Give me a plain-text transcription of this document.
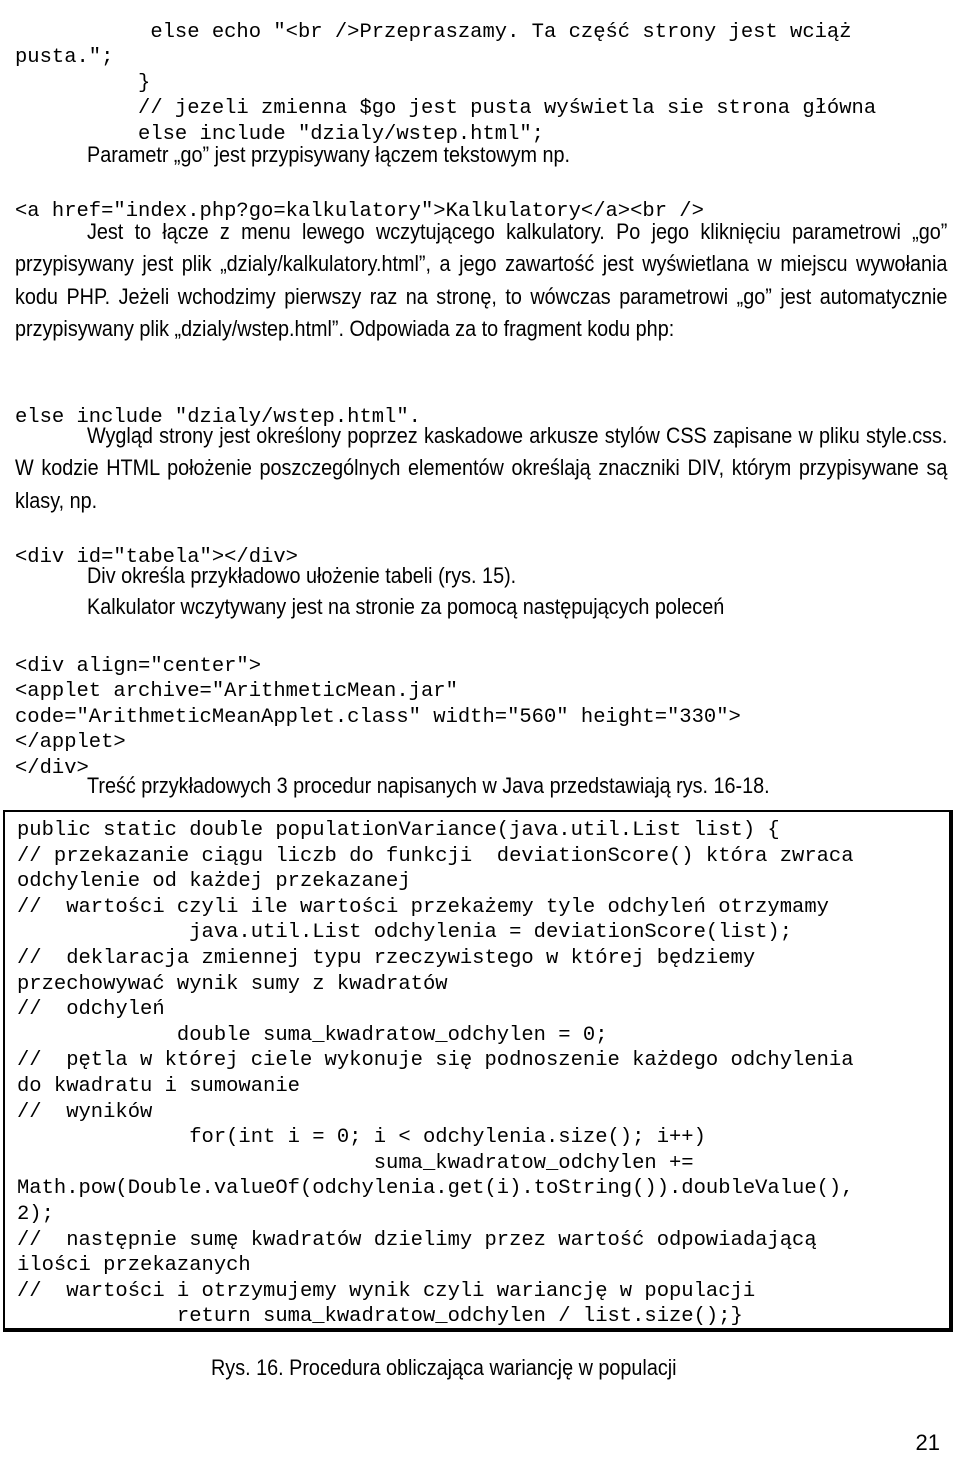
else echo "<br />Przepraszamy. Ta część strony jest wciąż
pusta.";
}
// jezeli zmienna $go jest pusta wyświetla sie strona główna
else include "dzialy/wstep.html";
Parametr „go” jest przypisywany łączem tekstowym np.
<a href="index.php?go=kalkulatory">Kalkulatory</a><br />
Jest to łącze z menu lewego wczytującego kalkulatory. Po jego kliknięciu parametrowi „go” przypisywany jest plik „dzialy/kalkulatory.html”, a jego zawartość jest wyświetlana w miejscu wywołania kodu PHP. Jeżeli wchodzimy pierwszy raz na stronę, to wówczas parametrowi „go” jest automatycznie przypisywany plik „dzialy/wstep.html”. Odpowiada za to fragment kodu php:
else include "dzialy/wstep.html".
Wygląd strony jest określony poprzez kaskadowe arkusze stylów CSS zapisane w pliku style.css. W kodzie HTML położenie poszczególnych elementów określają znaczniki DIV, którym przypisywane są klasy, np.
<div id="tabela"></div>
Div określa przykładowo ułożenie tabeli (rys. 15).
Kalkulator wczytywany jest na stronie za pomocą następujących poleceń
<div align="center">
<applet archive="ArithmeticMean.jar"
code="ArithmeticMeanApplet.class" width="560" height="330">
</applet>
</div>
Treść przykładowych 3 procedur napisanych w Java przedstawiają rys. 16-18.
public static double populationVariance(java.util.List list) {
// przekazanie ciągu liczb do funkcji  deviationScore() która zwraca
odchylenie od każdej przekazanej
//  wartości czyli ile wartości przekażemy tyle odchyleń otrzymamy
java.util.List odchylenia = deviationScore(list);
//  deklaracja zmiennej typu rzeczywistego w której będziemy
przechowywać wynik sumy z kwadratów
//  odchyleń
double suma_kwadratow_odchylen = 0;
//  pętla w której ciele wykonuje się podnoszenie każdego odchylenia
do kwadratu i sumowanie
//  wyników
for(int i = 0; i < odchylenia.size(); i++)
suma_kwadratow_odchylen +=
Math.pow(Double.valueOf(odchylenia.get(i).toString()).doubleValue(),
2);
//  następnie sumę kwadratów dzielimy przez wartość odpowiadającą
ilości przekazanych
//  wartości i otrzymujemy wynik czyli wariancję w populacji
return suma_kwadratow_odchylen / list.size();}
Rys. 16. Procedura obliczająca wariancję w populacji
21
